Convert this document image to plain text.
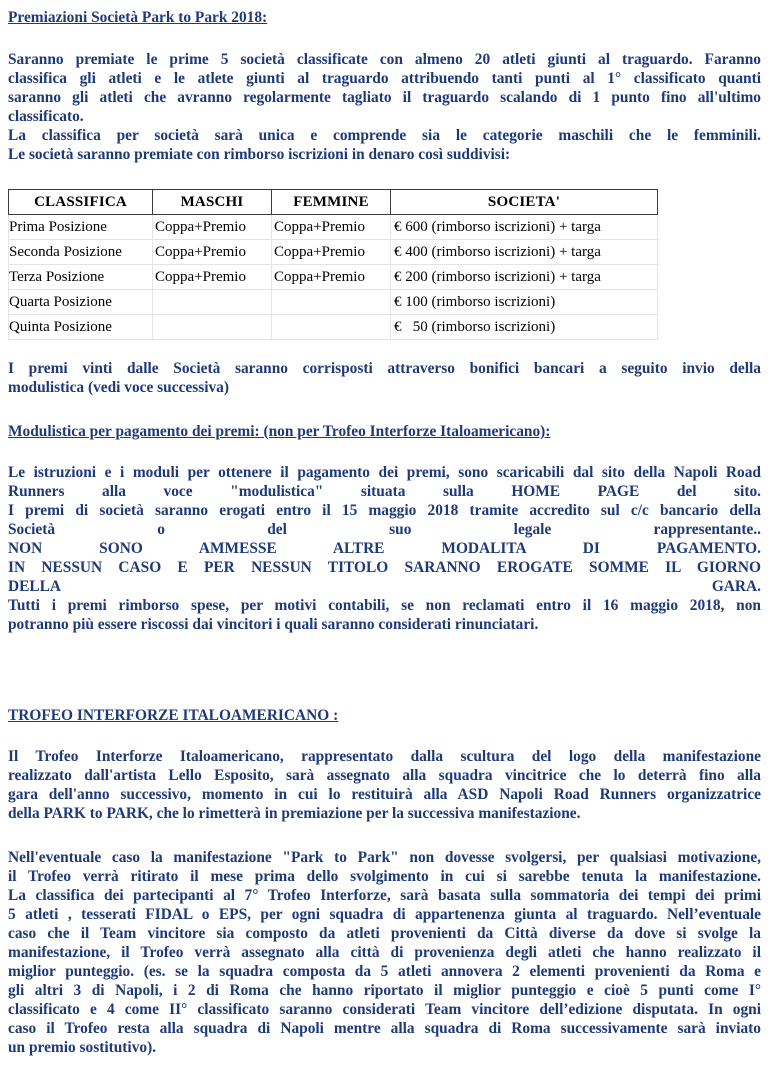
Premiazioni Società Park to Park 2018:

Saranno premiate le prime 5 società classificate con almeno 20 atleti giunti al traguardo. Faranno
classifica gli atleti e le atlete giunti al traguardo attribuendo tanti punti al 1° classificato quanti
saranno gli atleti che avranno regolarmente tagliato il traguardo scalando di 1 punto fino all'ultimo
classificato.
La classifica per società sarà unica e comprende sia le categorie maschili che le femminili.
Le società saranno premiate con rimborso iscrizioni in denaro così suddivisi:
CLASSIFICA	MASCHI	FEMMINE	SOCIETA'
Prima Posizione	Coppa+Premio	Coppa+Premio	€ 600 (rimborso iscrizioni) + targa
Seconda Posizione	Coppa+Premio	Coppa+Premio	€ 400 (rimborso iscrizioni) + targa
Terza Posizione	Coppa+Premio	Coppa+Premio	€ 200 (rimborso iscrizioni) + targa
Quarta Posizione			€ 100 (rimborso iscrizioni)
Quinta Posizione			€   50 (rimborso iscrizioni)
I premi vinti dalle Società saranno corrisposti attraverso bonifici bancari a seguito invio della
modulistica (vedi voce successiva)

Modulistica per pagamento dei premi: (non per Trofeo Interforze Italoamericano):

Le istruzioni e i moduli per ottenere il pagamento dei premi, sono scaricabili dal sito della Napoli Road
Runners alla voce "modulistica" situata sulla HOME PAGE del sito.
I premi di società saranno erogati entro il 15 maggio 2018 tramite accredito sul c/c bancario della
Società o del suo legale rappresentante..
NON SONO AMMESSE ALTRE MODALITA DI PAGAMENTO.
IN NESSUN CASO E PER NESSUN TITOLO SARANNO EROGATE SOMME IL GIORNO
DELLA GARA.
Tutti i premi rimborso spese, per motivi contabili, se non reclamati entro il 16 maggio 2018, non
potranno più essere riscossi dai vincitori i quali saranno considerati rinunciatari.

TROFEO INTERFORZE ITALOAMERICANO :

Il Trofeo Interforze Italoamericano, rappresentato dalla scultura del logo della manifestazione
realizzato dall'artista Lello Esposito, sarà assegnato alla squadra vincitrice che lo deterrà fino alla
gara dell'anno successivo, momento in cui lo restituirà alla ASD Napoli Road Runners organizzatrice
della PARK to PARK, che lo rimetterà in premiazione per la successiva manifestazione.
Nell'eventuale caso la manifestazione "Park to Park" non dovesse svolgersi, per qualsiasi motivazione,
il Trofeo verrà ritirato il mese prima dello svolgimento in cui si sarebbe tenuta la manifestazione.
La classifica dei partecipanti al 7° Trofeo Interforze, sarà basata sulla sommatoria dei tempi dei primi
5 atleti , tesserati FIDAL o EPS, per ogni squadra di appartenenza giunta al traguardo. Nell’eventuale
caso che il Team vincitore sia composto da atleti provenienti da Città diverse da dove si svolge la
manifestazione, il Trofeo verrà assegnato alla città di provenienza degli atleti che hanno realizzato il
miglior punteggio. (es. se la squadra composta da 5 atleti annovera 2 elementi provenienti da Roma e
gli altri 3 di Napoli, i 2 di Roma che hanno riportato il miglior punteggio e cioè 5 punti come I°
classificato e 4 come II° classificato saranno considerati Team vincitore dell’edizione disputata. In ogni
caso il Trofeo resta alla squadra di Napoli mentre alla squadra di Roma successivamente sarà inviato
un premio sostitutivo).
